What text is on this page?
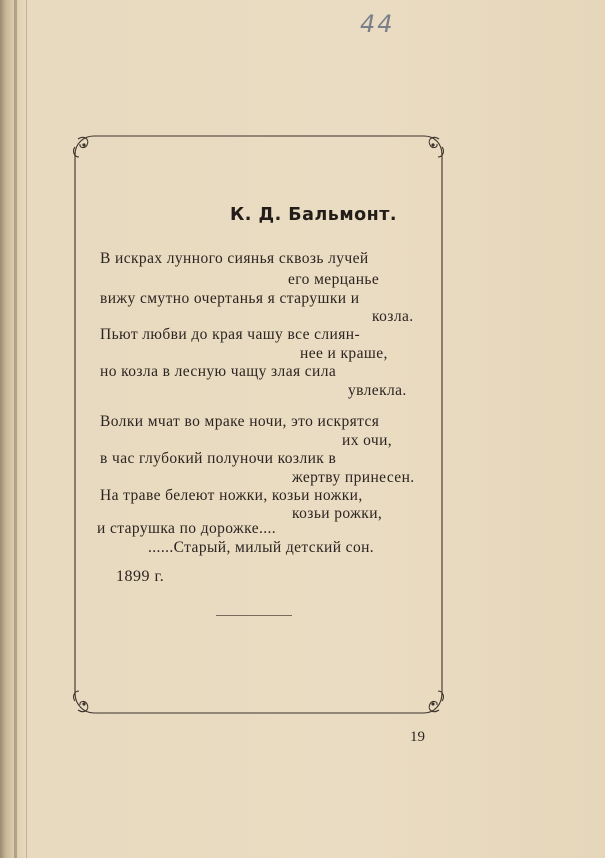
44
К. Д. Бальмонт.
В искрах лунного сиянья сквозь лучей
его мерцанье
вижу смутно очертанья я старушки и
козла.
Пьют любви до края чашу все слиян-
нее и краше,
но козла в лесную чащу злая сила
увлекла.
Волки мчат во мраке ночи, это искрятся
их очи,
в час глубокий полуночи козлик в
жертву принесен.
На траве белеют ножки, козьи ножки,
козьи рожки,
и старушка по дорожке....
......Старый, милый детский сон.
1899 г.
19
